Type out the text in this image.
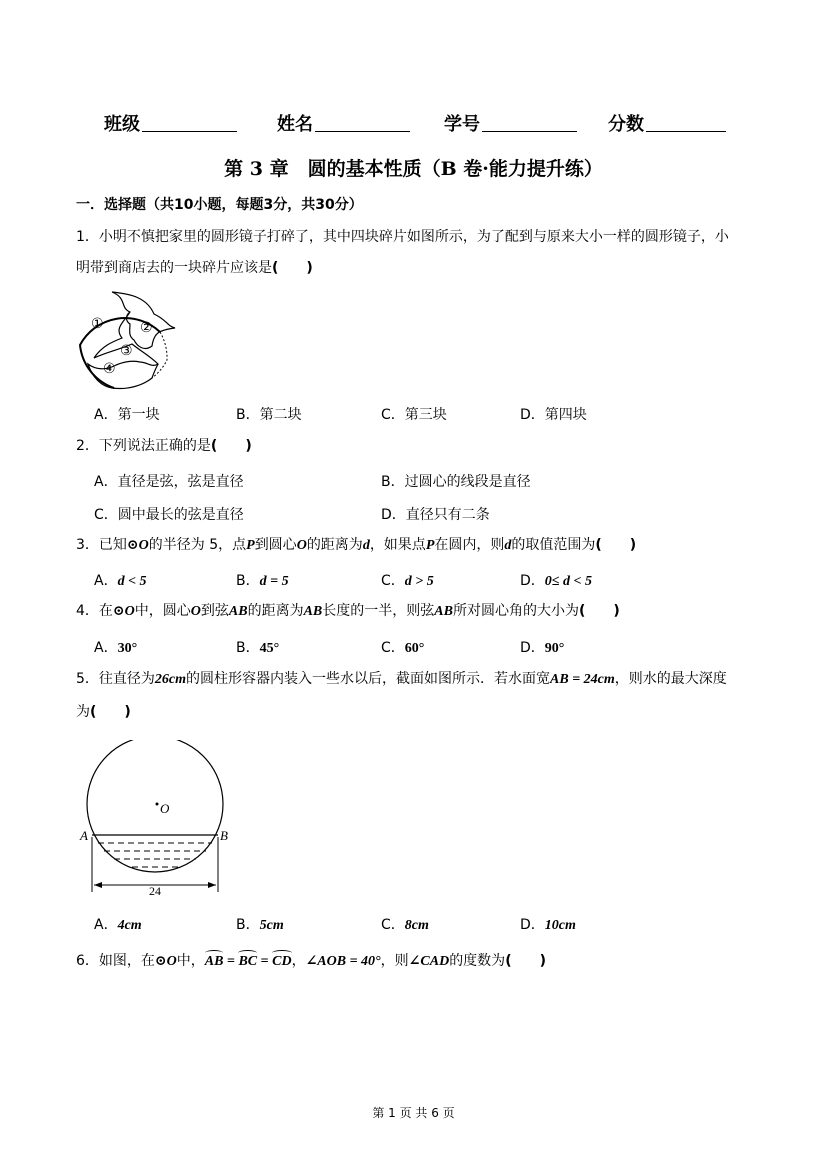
班级	姓名	学号	分数
第 3 章　圆的基本性质（B 卷·能力提升练）
一．选择题（共10小题，每题3分，共30分）
1．小明不慎把家里的圆形镜子打碎了，其中四块碎片如图所示，为了配到与原来大小一样的圆形镜子，小
明带到商店去的一块碎片应该是(　　)
①	②
③
④
A．第一块	B．第二块	C．第三块	D．第四块
2．下列说法正确的是(　　)
A．直径是弦，弦是直径	B．过圆心的线段是直径
C．圆中最长的弦是直径	D．直径只有二条
3．已知⊙O的半径为 5，点P到圆心O的距离为d，如果点P在圆内，则d的取值范围为(　　)
A．d < 5	B．d = 5	C．d > 5	D．0≤ d < 5
4．在⊙O中，圆心O到弦AB的距离为AB长度的一半，则弦AB所对圆心角的大小为(　　)
A．30°	B．45°	C．60°	D．90°
5．往直径为26cm的圆柱形容器内装入一些水以后，截面如图所示．若水面宽AB = 24cm，则水的最大深度
为(　　)
O
A	B
24
A．4cm	B．5cm	C．8cm	D．10cm
6．如图，在⊙O中，AB = BC = CD，∠AOB = 40°，则∠CAD的度数为(　　)
第 1 页 共 6 页
